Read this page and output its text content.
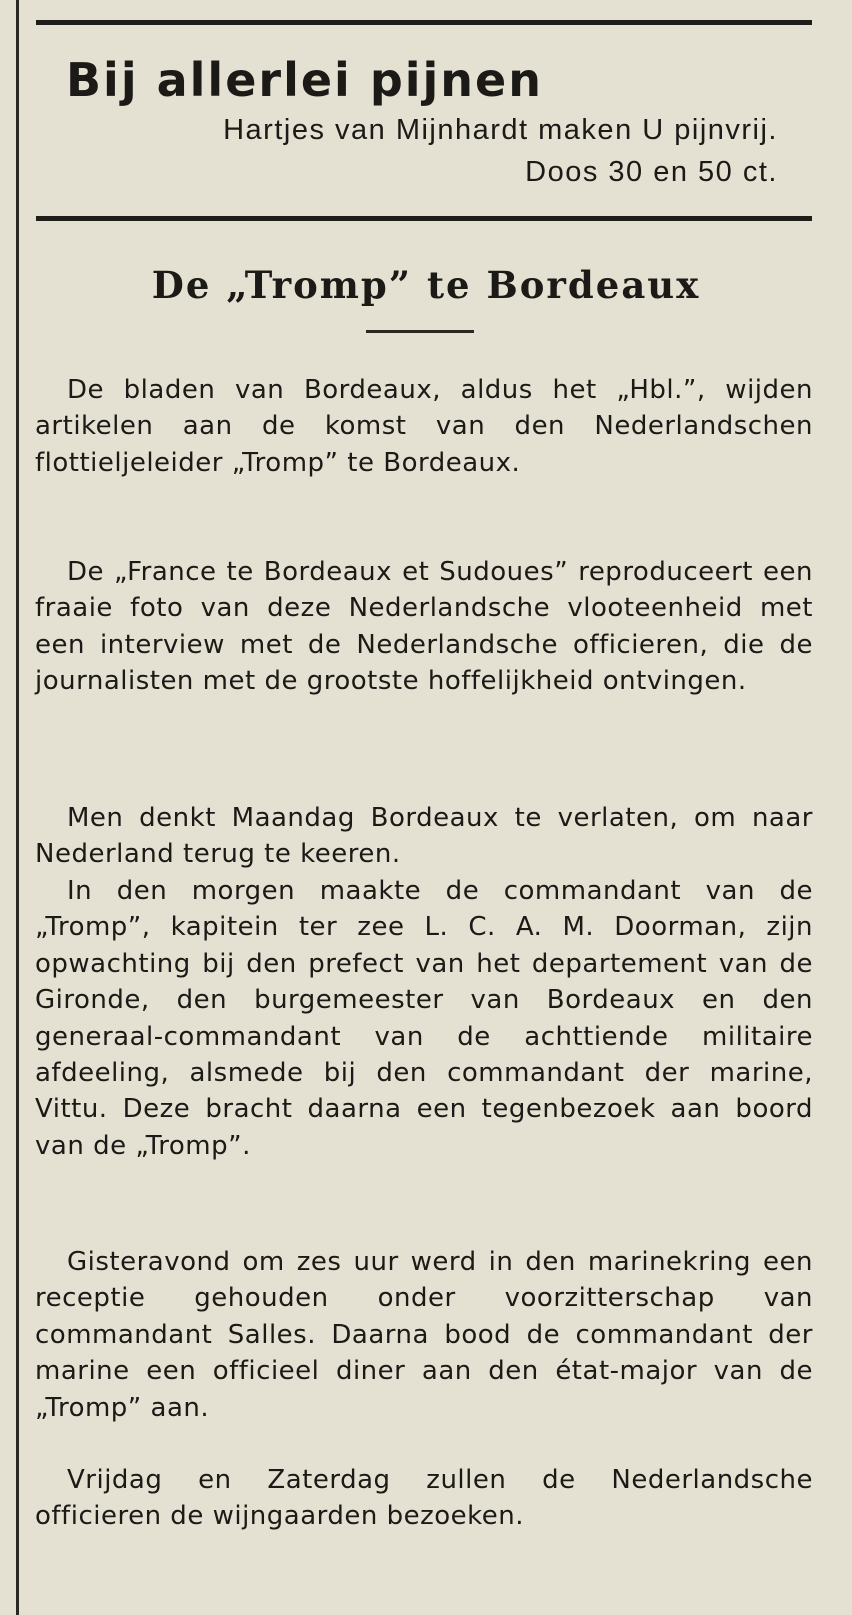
Bij allerlei pijnen

Hartjes van Mijnhardt maken U pijnvrij.

Doos 30 en 50 ct.

De „Tromp” te Bordeaux

De bladen van Bordeaux, aldus het „Hbl.”, wijden artikelen aan de komst van den Nederlandschen flottieljeleider „Tromp” te Bordeaux.

De „France te Bordeaux et Sudoues” reproduceert een fraaie foto van deze Nederlandsche vlooteenheid met een interview met de Nederlandsche officieren, die de journalisten met de grootste hoffelijkheid ontvingen.

Men denkt Maandag Bordeaux te verlaten, om naar Nederland terug te keeren.

In den morgen maakte de commandant van de „Tromp”, kapitein ter zee L. C. A. M. Doorman, zijn opwachting bij den prefect van het departement van de Gironde, den burgemeester van Bordeaux en den generaal-commandant van de achttiende militaire afdeeling, alsmede bij den commandant der marine, Vittu. Deze bracht daarna een tegenbezoek aan boord van de „Tromp”.

Gisteravond om zes uur werd in den marinekring een receptie gehouden onder voorzitterschap van commandant Salles. Daarna bood de commandant der marine een officieel diner aan den état-major van de „Tromp” aan.

Vrijdag en Zaterdag zullen de Nederlandsche officieren de wijngaarden bezoeken.
